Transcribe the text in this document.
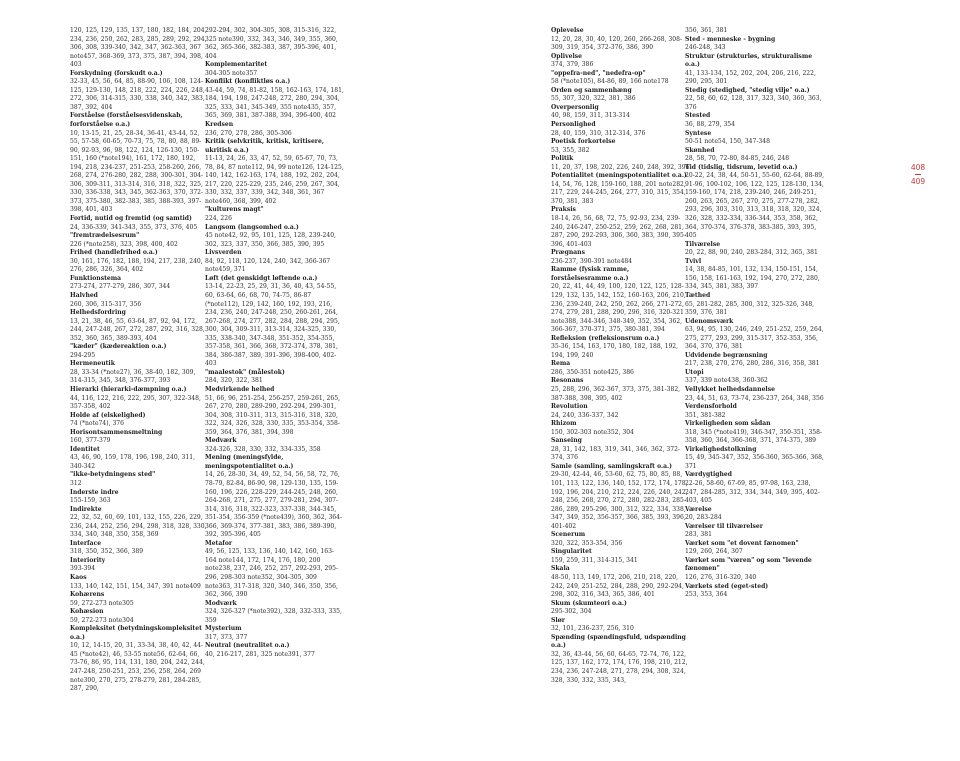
120, 125, 129, 135, 137, 180, 182, 184, 204, 234, 236, 250, 262, 283, 285, 289, 292, 294, 306, 308, 339-340, 342, 347, 362-363, 367 note457, 368-369, 373, 375, 387, 394, 398, 403
Forskydning (forskudt o.a.)
32-33, 45, 56, 64, 85, 88-90, 106, 108, 124-125, 129-130, 148, 218, 222, 224, 226, 248, 272, 306, 314-315, 330, 338, 340, 342, 383, 387, 392, 404
Forståelse (forståelsesvidenskab, forforståelse o.a.)
10, 13-15, 21, 25, 28-34, 36-41, 43-44, 52, 55, 57-58, 60-65, 70-73, 75, 78, 80, 88, 89-90, 92-93, 96, 98, 122, 124, 126-130, 150-151, 160 (*note194), 161, 172, 180, 192, 194, 218, 234-237, 251-253, 258-260, 266, 268, 274, 276-280, 282, 288, 300-301, 304-306, 309-311, 313-314, 316, 318, 322, 325, 330, 336-338, 343, 345, 362-363, 370, 372-373, 375-380, 382-383, 385, 388-393, 397-398, 401, 403
Fortid, nutid og fremtid (og samtid)
24, 336-339, 341-343, 355, 373, 376, 405
"fremtrædelsesrum"
226 (*note258), 323, 398, 400, 402
Frihed (handlefrihed o.a.)
30, 161, 176, 182, 188, 194, 217, 238, 240, 276, 286, 326, 364, 402
Funktionstema
273-274, 277-279, 286, 307, 344
Halvhed
260, 306, 315-317, 356
Helhedsfordring
13, 21, 38, 46, 55, 63-64, 87, 92, 94, 172, 244, 247-248, 267, 272, 287, 292, 316, 328, 352, 360, 365, 389-393, 404
"kæder" (kædereaktion o.a.)
294-295
Hermeneutik
28, 33-34 (*note27), 36, 38-40, 182, 309, 314-315, 345, 348, 376-377, 393
Hierarki (hierarki-dæmpning o.a.)
44, 116, 122, 216, 222, 295, 307, 322-348, 357-358, 402
Holde af (elskelighed)
74 (*note74), 376
Horisontsammensmeltning
160, 377-379
Identitet
43, 46, 90, 159, 178, 196, 198, 240, 311, 340-342
"ikke-betydningens sted"
312
Inderste indre
155-159, 363
Indirekte
22, 32, 52, 60, 69, 101, 132, 155, 226, 229, 236, 244, 252, 256, 294, 298, 318, 328, 330, 334, 340, 348, 350, 358, 369
Interface
318, 350, 352, 366, 389
Interiority
393-394
Kaos
133, 140, 142, 151, 154, 347, 391 note409
Kohærens
59, 272-273 note305
Kohæsion
59, 272-273 note304
Kompleksitet (betydningskompleksitet o.a.)
10, 12, 14-15, 20, 31, 33-34, 38, 40, 42, 44-45 (*note42), 46, 53-55 note56, 62-64, 66, 73-76, 86, 95, 114, 131, 180, 204, 242, 244, 247-248, 250-251, 253, 256, 258, 264, 269 note300, 270, 275, 278-279, 281, 284-285, 287, 290,
292-294, 302, 304-305, 308, 315-316, 322, 325 note390, 332, 343, 346, 349, 355, 360, 362, 365-366, 382-383, 387, 395-396, 401, 404
Komplementaritet
304-305 note357
Konflikt (konfliktløs o.a.)
43-44, 59, 74, 81-82, 158, 162-163, 174, 181, 184, 194, 198, 247-248, 272, 280, 294, 304, 325, 333, 341, 345-349, 355 note435, 357, 365, 369, 381, 387-388, 394, 396-400, 402
Kredsen
236, 270, 278, 286, 305-306
Kritik (selvkritik, kritisk, kritisere, ukritisk o.a.)
11-13, 24, 26, 33, 47, 52, 59, 65-67, 70, 73, 78, 84, 87 note112, 94, 99 note126, 124-125, 140, 142, 162-163, 174, 188, 192, 202, 204, 217, 220, 225-229, 235, 246, 259, 267, 304, 330, 332, 337, 339, 342, 348, 361, 367 note460, 368, 399, 402
"kulturens magt"
224, 226
Langsom (langsomhed o.a.)
45 note42, 92, 95, 101, 125, 128, 239-240, 302, 323, 337, 350, 366, 385, 390, 395
Livsverden
84, 92, 118, 120, 124, 240, 342, 366-367 note459, 371
Løft (det genskidgt løftende o.a.)
13-14, 22-23, 25, 29, 31, 36, 40, 43, 54-55, 60, 63-64, 66, 68, 70, 74-75, 86-87 (*note112), 129, 142, 160, 192, 193, 216, 234, 236, 240, 247-248, 250, 260-261, 264, 267-268, 274, 277, 282, 284, 288, 294, 295, 300, 304, 309-311, 313-314, 324-325, 330, 335, 338-340, 347-348, 351-352, 354-355, 357-358, 361, 366, 368, 372-374, 378, 381, 384, 386-387, 389, 391-396, 398-400, 402-403
"maalestok" (målestok)
284, 320, 322, 381
Medvirkende helhed
51, 66, 96, 251-254, 256-257, 259-261, 265, 267, 270, 280, 289-290, 292-294, 299-301, 304, 308, 310-311, 313, 315-316, 318, 320, 322, 324, 326, 328, 330, 335, 353-354, 358-359, 364, 376, 381, 394, 398
Medværk
324-326, 328, 330, 332, 334-335, 358
Mening (meningsfylde, meningspotentialitet o.a.)
14, 26, 28-30, 34, 49, 52, 54, 56, 58, 72, 76, 78-79, 82-84, 86-90, 98, 129-130, 135, 159-160, 196, 226, 228-229, 244-245, 248, 260, 264-268, 271, 275, 277, 279-281, 294, 307-314, 316, 318, 322-323, 337-338, 344-345, 351-354, 356-359 (*note439), 360, 362, 364-366, 369-374, 377-381, 383, 386, 389-390, 392, 395-396, 405
Metafor
49, 56, 125, 133, 136, 140, 142, 160, 163-164 note144, 172, 174, 176, 180, 200 note238, 237, 246, 252, 257, 292-293, 295-296, 298-303 note352, 304-305, 309 note363, 317-318, 320, 340, 346, 350, 356, 362, 366, 390
Modværk
324, 326-327 (*note392), 328, 332-333, 335, 359
Mysterium
317, 373, 377
Neutral (neutralitet o.a.)
40, 216-217, 281, 325 note391, 377
Oplevelse
12, 20, 28, 30, 40, 120, 260, 266-268, 308-309, 319, 354, 372-376, 386, 390
Oplivelse
374, 379, 386
"oppefra-ned", "nedefra-op"
58 (*note105), 84-86, 89, 166 note178
Orden og sammenhæng
55, 307, 320, 322, 381, 386
Overpersonlig
40, 98, 159, 311, 313-314
Personlighed
28, 40, 159, 310, 312-314, 376
Poetisk forkortelse
53, 355, 382
Politik
11, 20, 37, 198, 202, 226, 240, 248, 392, 396
Potentialitet (meningspotentialitet o.a.)
14, 54, 76, 128, 159-160, 188, 201 note282, 217, 229, 244-245, 264, 277, 310, 315, 354, 370, 381, 383
Praksis
18-14, 26, 56, 68, 72, 75, 92-93, 234, 239-240, 246-247, 250-252, 259, 262, 268, 281, 287, 290, 292-293, 306, 360, 383, 390, 395-396, 401-403
Prægnans
236-237, 390-391 note484
Ramme (fysisk ramme, forståelsesramme o.a.)
20, 22, 41, 44, 49, 100, 120, 122, 125, 128-129, 132, 135, 142, 152, 160-163, 206, 210, 236, 239-240, 242, 250, 262, 266, 271-272, 274, 279, 281, 288, 290, 296, 316, 320-321 note388, 344-346, 348-349, 352, 354, 362, 366-367, 370-371, 375, 380-381, 394
Refleksion (refleksionsrum o.a.)
35-36, 154, 163, 170, 180, 182, 188, 192, 194, 199, 240
Rema
286, 350-351 note425, 386
Resonans
25, 288, 296, 362-367, 373, 375, 381-382, 387-388, 398, 395, 402
Revolution
24, 240, 336-337, 342
Rhizom
150, 302-303 note352, 304
Sanseing
28, 31, 142, 183, 319, 341, 346, 362, 372-374, 376
Samle (samling, samlingskraft o.a.)
29-30, 42-44, 46, 53-60, 62, 75, 80, 85, 88, 101, 113, 122, 136, 140, 152, 172, 174, 178, 192, 196, 204, 210, 212, 224, 226, 240, 242, 248, 256, 268, 270, 272, 280, 282-283, 285-286, 289, 295-296, 300, 312, 322, 334, 338, 347, 349, 352, 356-357, 366, 385, 393, 396, 401-402
Scenerum
320, 322, 353-354, 356
Singularitet
159, 259, 311, 314-315, 341
Skala
48-50, 113, 149, 172, 206, 210, 218, 220, 242, 249, 251-252, 284, 288, 290, 292-294, 298, 302, 316, 343, 365, 386, 401
Skum (skumteori o.a.)
295-302, 304
Slør
32, 101, 236-237, 256, 310
Spænding (spændingsfuld, udspænding o.a.)
32, 36, 43-44, 56, 60, 64-65, 72-74, 76, 122, 125, 137, 162, 172, 174, 176, 198, 210, 212, 234, 236, 247-248, 271, 278, 294, 308, 324, 328, 330, 332, 335, 343,
356, 361, 381
Sted - menneske - bygning
246-248, 343
Struktur (strukturløs, strukturalisme o.a.)
41, 133-134, 152, 202, 204, 206, 216, 222, 290, 295, 301
Stedig (stedighed, "stedig vilje" o.a.)
22, 58, 60, 62, 128, 317, 323, 340, 360, 363, 376
Stested
36, 88, 279, 354
Syntese
50-51 note54, 150, 347-348
Skønhed
28, 58, 70, 72-80, 84-85, 246, 248
Tid (tidslig, tidsrum, levetid o.a.)
20-22, 24, 38, 44, 50-51, 55-60, 62-64, 88-89, 91-96, 100-102, 106, 122, 125, 128-130, 134, 159-160, 174, 218, 239-240, 246, 249-251, 260, 263, 265, 267, 270, 275, 277-278, 282, 293, 296, 303, 310, 313, 318, 318, 320, 324, 326, 328, 332-334, 336-344, 353, 358, 362, 364, 370-374, 376-378, 383-385, 393, 395, 405
Tilværelse
20, 22, 88, 90, 240, 283-284, 312, 365, 381
Tvivl
14, 38, 84-85, 101, 132, 134, 150-151, 154, 156, 158, 161-163, 192, 194, 270, 272, 280, 334, 345, 381, 383, 397
Tæthed
65, 281-282, 285, 300, 312, 325-326, 348, 359, 376, 381
Udenomsværk
63, 94, 95, 130, 246, 249, 251-252, 259, 264, 275, 277, 293, 299, 315-317, 352-353, 356, 364, 370, 376, 381
Udvidende begrænsning
217, 238, 270, 276, 280, 286, 316, 358, 381
Utopi
337, 339 note438, 360-362
Vellykket helhedsdannelse
23, 44, 51, 63, 73-74, 236-237, 264, 348, 356
Verdensforhold
351, 381-382
Virkeligheden som sådan
318, 345 (*note419), 346-347, 350-351, 358-358, 360, 364, 366-368, 371, 374-375, 389
Virkelighedstolkning
15, 49, 345-347, 352, 356-360, 365-366, 368, 371
Værdygtighed
22-26, 58-60, 67-69, 85, 97-98, 163, 238, 247, 284-285, 312, 334, 344, 349, 395, 402-403, 405
Værelse
20, 283-284
Værelser til tilværelser
283, 381
Værket som "et dovent fænomen"
129, 260, 264, 307
Værket som "væren" og som "levende fænomen"
126, 276, 316-320, 340
Værkets sted (eget-sted)
253, 353, 364
408
409
